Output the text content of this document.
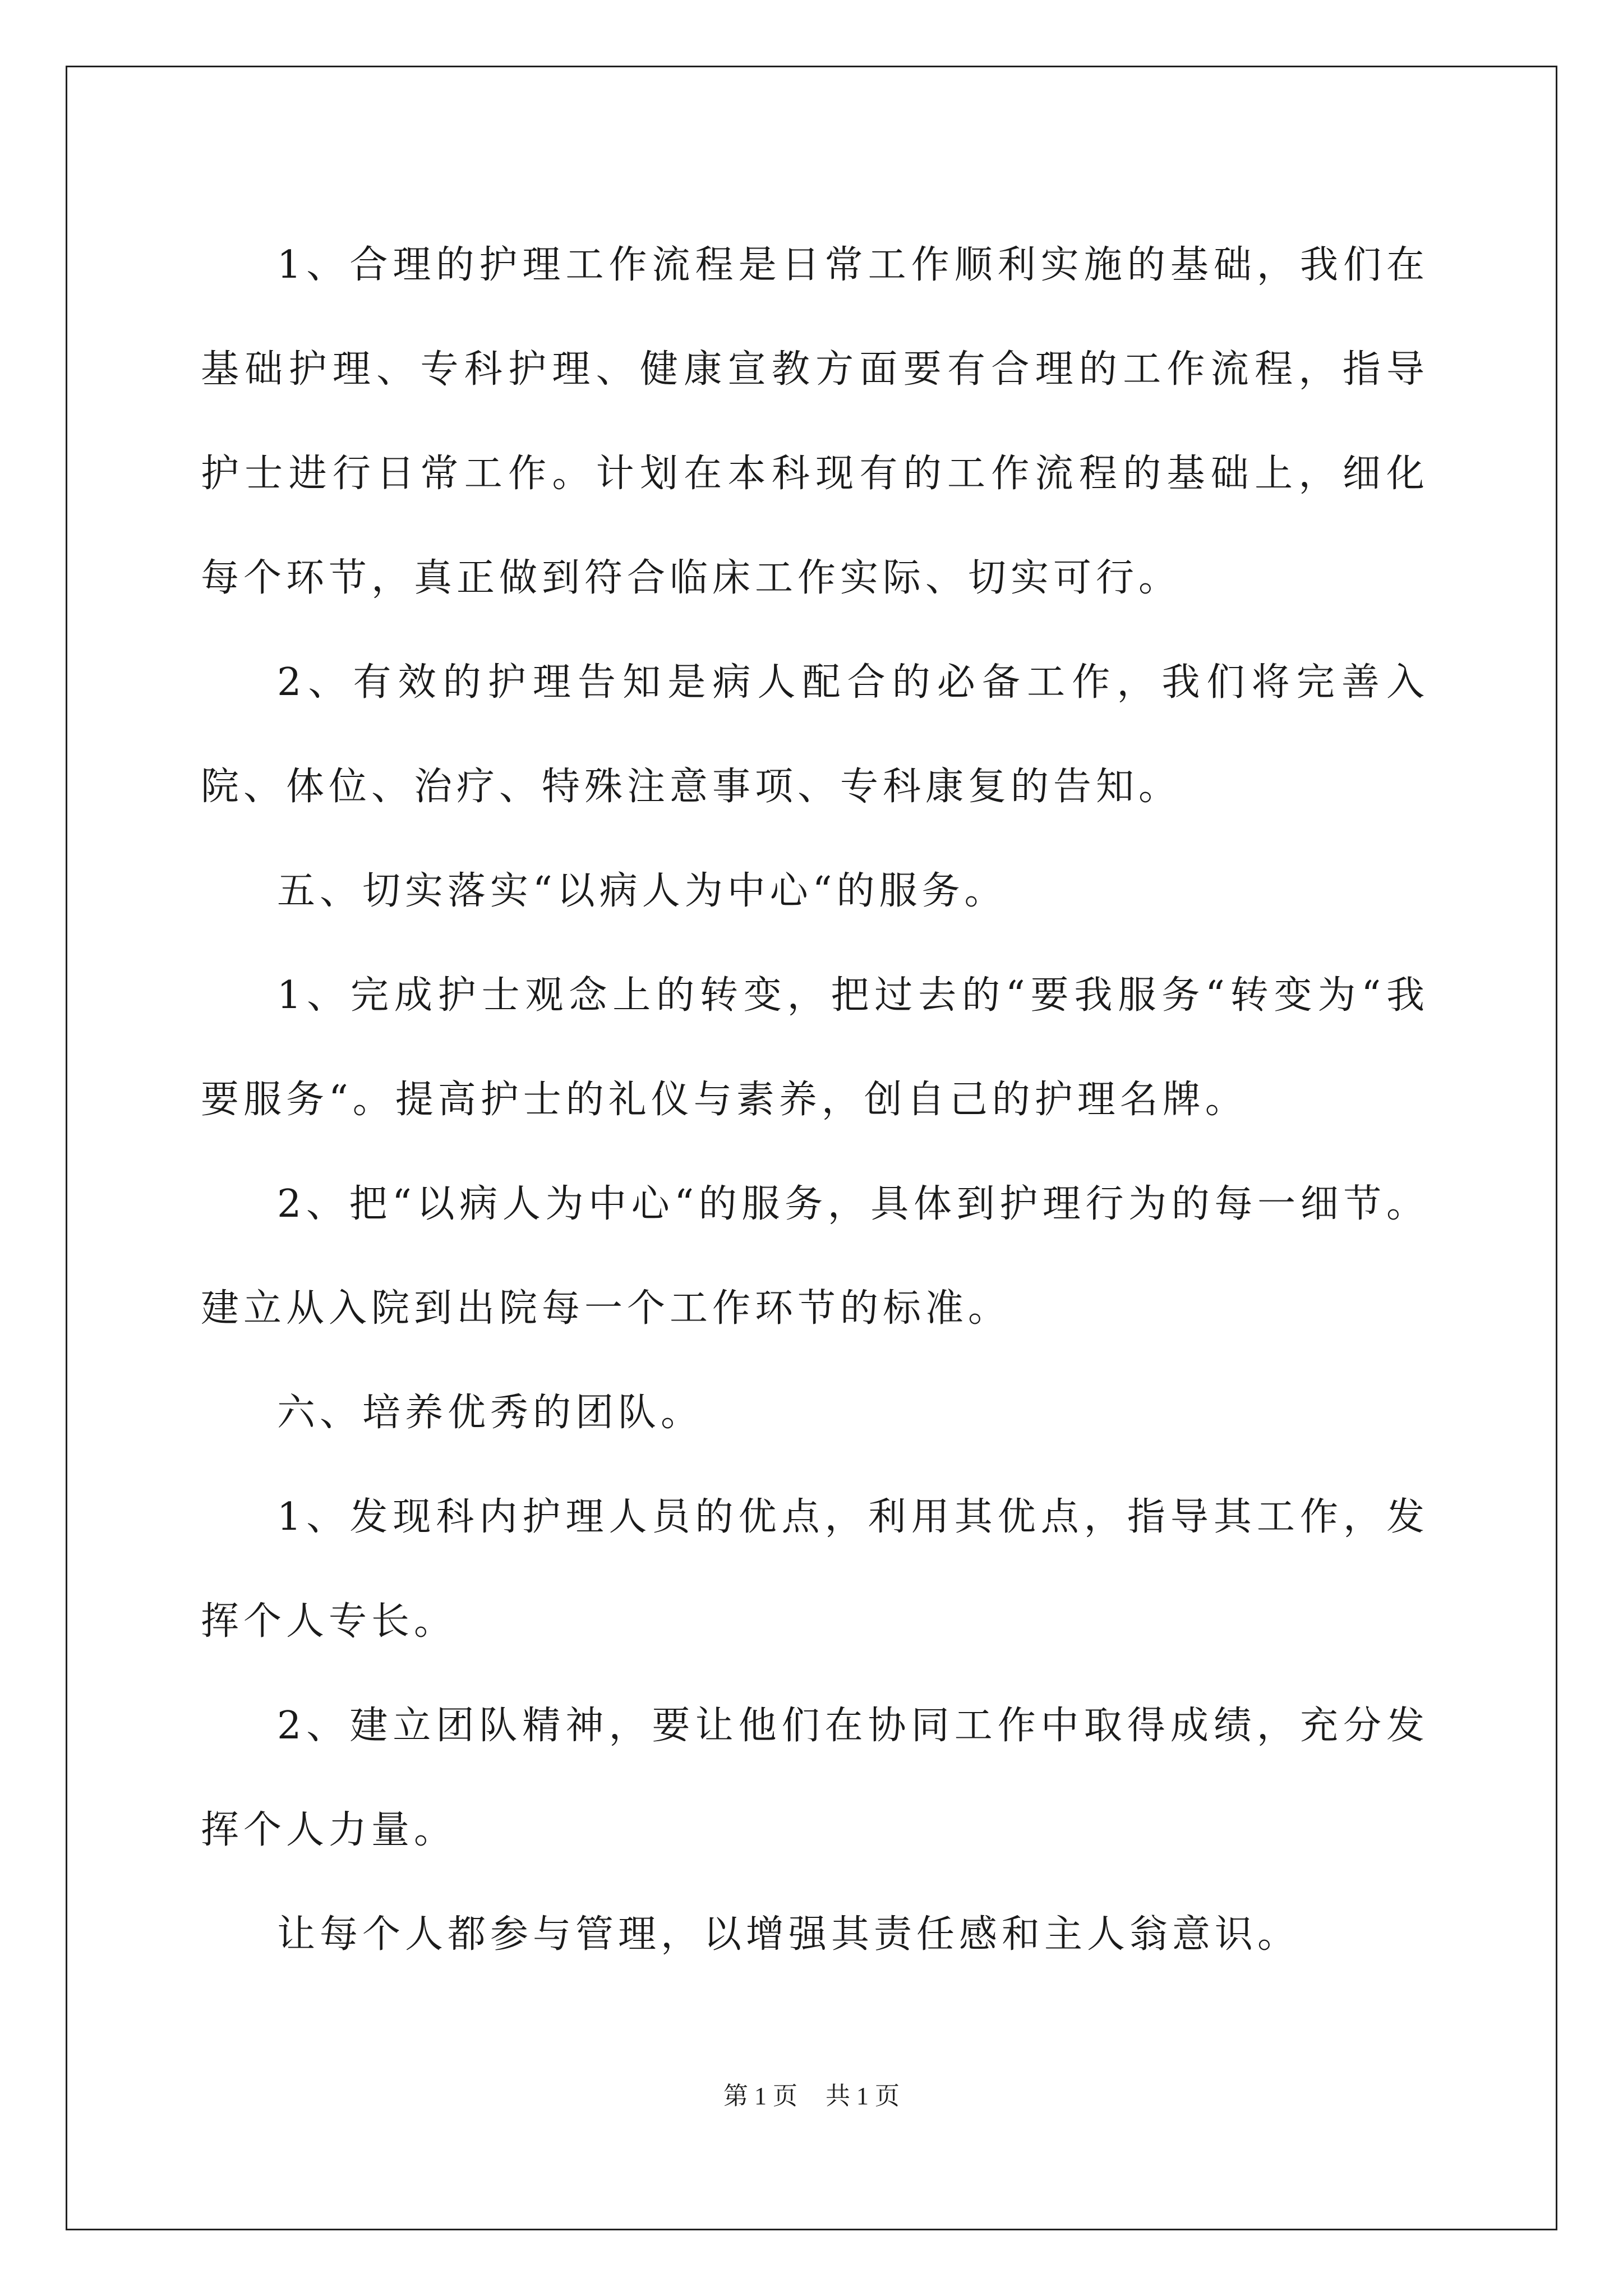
1、合理的护理工作流程是日常工作顺利实施的基础，我们在基础护理、专科护理、健康宣教方面要有合理的工作流程，指导护士进行日常工作。计划在本科现有的工作流程的基础上，细化每个环节，真正做到符合临床工作实际、切实可行。

2、有效的护理告知是病人配合的必备工作，我们将完善入院、体位、治疗、特殊注意事项、专科康复的告知。

五、切实落实“以病人为中心“的服务。

1、完成护士观念上的转变，把过去的“要我服务“转变为“我要服务“。提高护士的礼仪与素养，创自己的护理名牌。

2、把“以病人为中心“的服务，具体到护理行为的每一细节。建立从入院到出院每一个工作环节的标准。

六、培养优秀的团队。

1、发现科内护理人员的优点，利用其优点，指导其工作，发挥个人专长。

2、建立团队精神，要让他们在协同工作中取得成绩，充分发挥个人力量。

让每个人都参与管理，以增强其责任感和主人翁意识。

第 1 页 共 1 页
